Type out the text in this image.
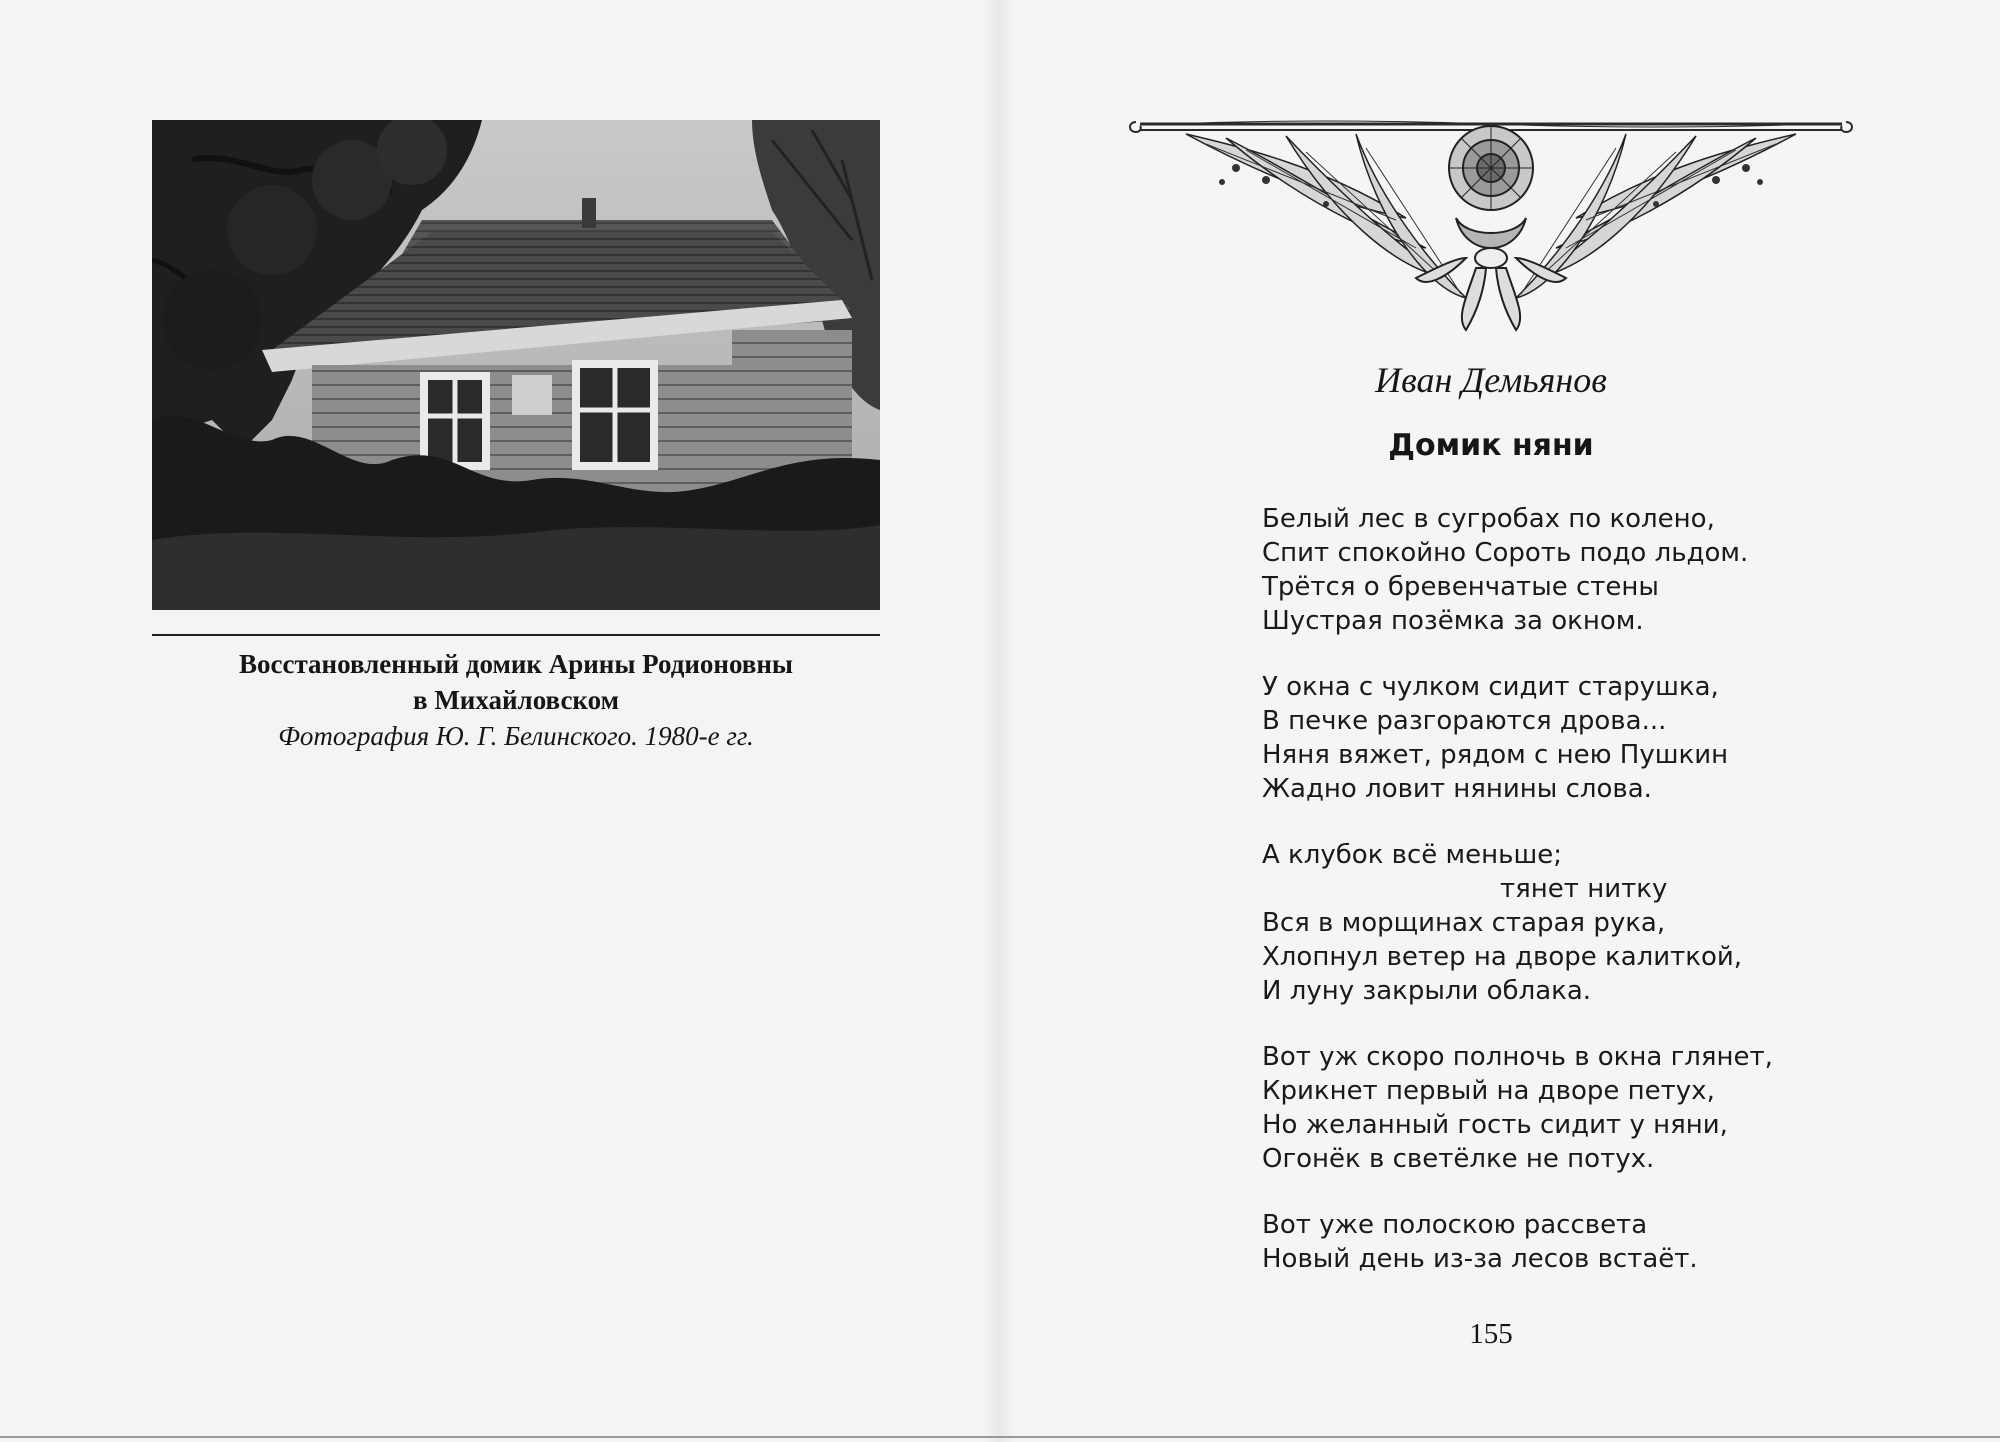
Восстановленный домик Арины Родионовны
в Михайловском
Фотография Ю. Г. Белинского. 1980-е гг.
Иван Демьянов
Домик няни
Белый лес в сугробах по колено,
Спит спокойно Сороть подо льдом.
Трётся о бревенчатые стены
Шустрая позёмка за окном.
У окна с чулком сидит старушка,
В печке разгораются дрова...
Няня вяжет, рядом с нею Пушкин
Жадно ловит нянины слова.
А клубок всё меньше;
тянет нитку
Вся в морщинах старая рука,
Хлопнул ветер на дворе калиткой,
И луну закрыли облака.
Вот уж скоро полночь в окна глянет,
Крикнет первый на дворе петух,
Но желанный гость сидит у няни,
Огонёк в светёлке не потух.
Вот уже полоскою рассвета
Новый день из-за лесов встаёт.
155
